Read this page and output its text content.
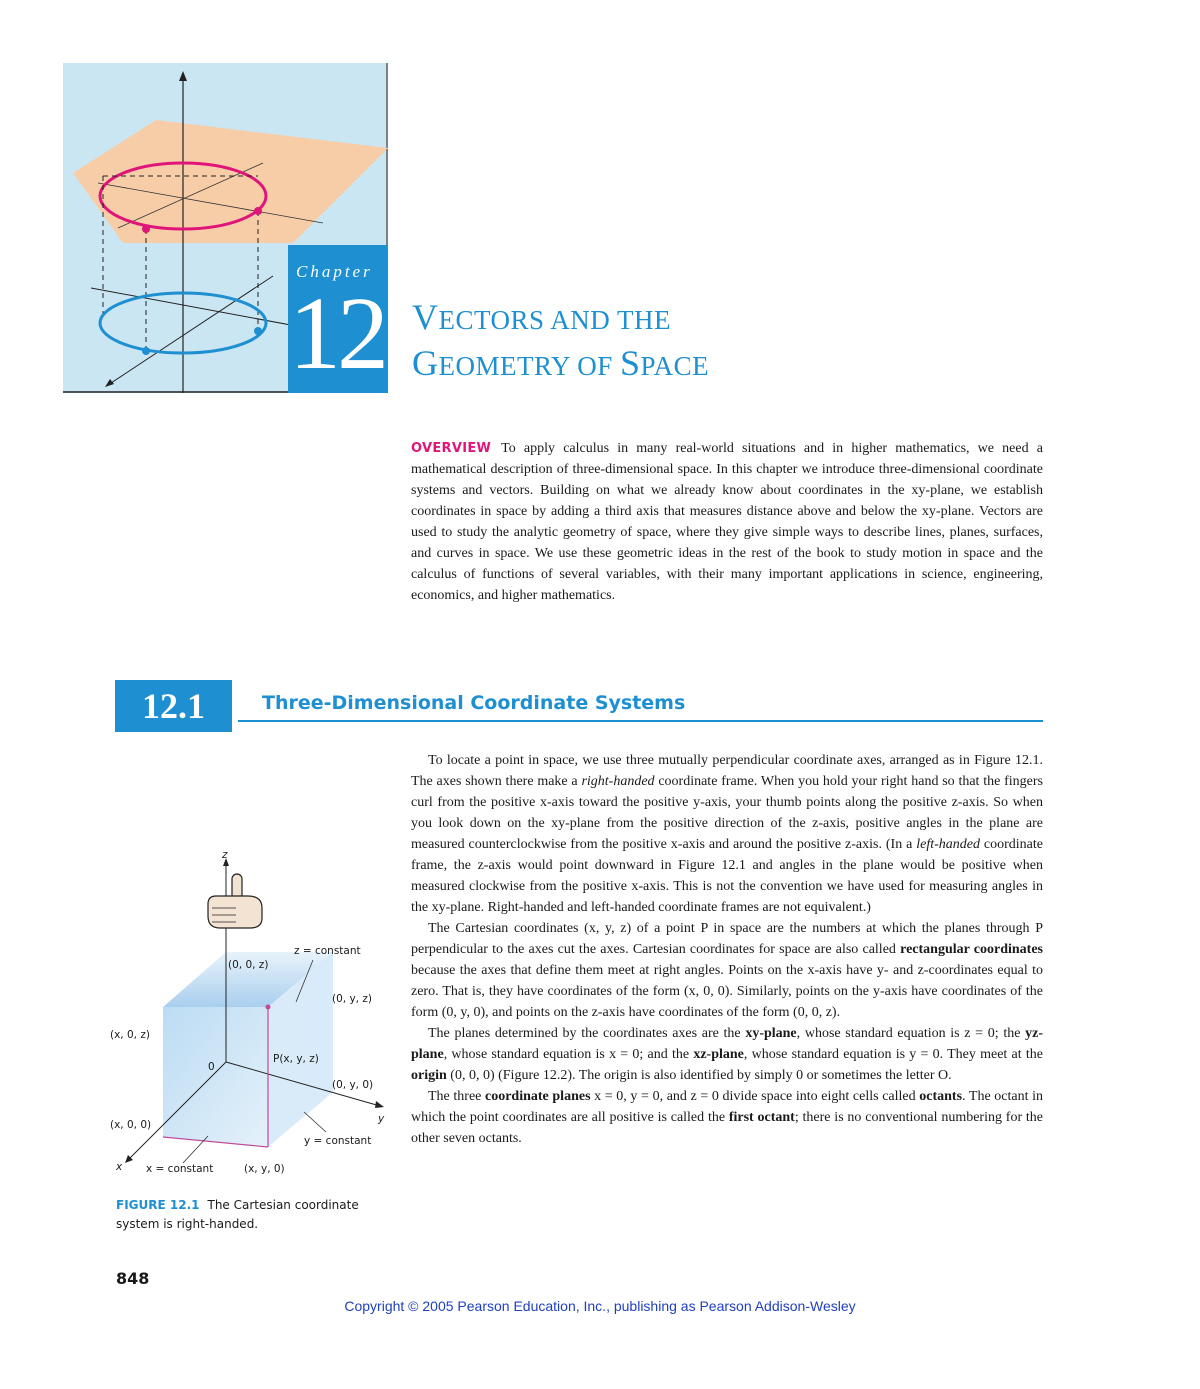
Chapter
12 VECTORS AND THE
GEOMETRY OF SPACE
OVERVIEW To apply calculus in many real-world situations and in higher mathematics, we need a mathematical description of three-dimensional space. In this chapter we introduce three-dimensional coordinate systems and vectors. Building on what we already know about coordinates in the xy-plane, we establish coordinates in space by adding a third axis that measures distance above and below the xy-plane. Vectors are used to study the analytic geometry of space, where they give simple ways to describe lines, planes, surfaces, and curves in space. We use these geometric ideas in the rest of the book to study motion in space and the calculus of functions of several variables, with their many important applications in science, engineering, economics, and higher mathematics.
12.1	Three-Dimensional Coordinate Systems

To locate a point in space, we use three mutually perpendicular coordinate axes, arranged as in Figure 12.1. The axes shown there make a right-handed coordinate frame. When you hold your right hand so that the fingers curl from the positive x-axis toward the positive y-axis, your thumb points along the positive z-axis. So when you look down on the xy-plane from the positive direction of the z-axis, positive angles in the plane are measured counterclockwise from the positive x-axis and around the positive z-axis. (In a left-handed coordinate frame, the z-axis would point downward in Figure 12.1 and angles in the plane would be positive when measured clockwise from the positive x-axis. This is not the convention we have used for measuring angles in the xy-plane. Right-handed and left-handed coordinate frames are not equivalent.)

The Cartesian coordinates (x, y, z) of a point P in space are the numbers at which the planes through P perpendicular to the axes cut the axes. Cartesian coordinates for space are also called rectangular coordinates because the axes that define them meet at right angles. Points on the x-axis have y- and z-coordinates equal to zero. That is, they have coordinates of the form (x, 0, 0). Similarly, points on the y-axis have coordinates of the form (0, y, 0), and points on the z-axis have coordinates of the form (0, 0, z).

The planes determined by the coordinates axes are the xy-plane, whose standard equation is z = 0; the yz-plane, whose standard equation is x = 0; and the xz-plane, whose standard equation is y = 0. They meet at the origin (0, 0, 0) (Figure 12.2). The origin is also identified by simply 0 or sometimes the letter O.

The three coordinate planes x = 0, y = 0, and z = 0 divide space into eight cells called octants. The octant in which the point coordinates are all positive is called the first octant; there is no conventional numbering for the other seven octants.

z
y
x
z = constant
(0, 0, z)
(0, y, z)
(x, 0, z)
0
P(x, y, z)
(0, y, 0)
(x, 0, 0)
y = constant
x = constant	(x, y, 0)
FIGURE 12.1 The Cartesian coordinate system is right-handed.
848
Copyright © 2005 Pearson Education, Inc., publishing as Pearson Addison-Wesley
